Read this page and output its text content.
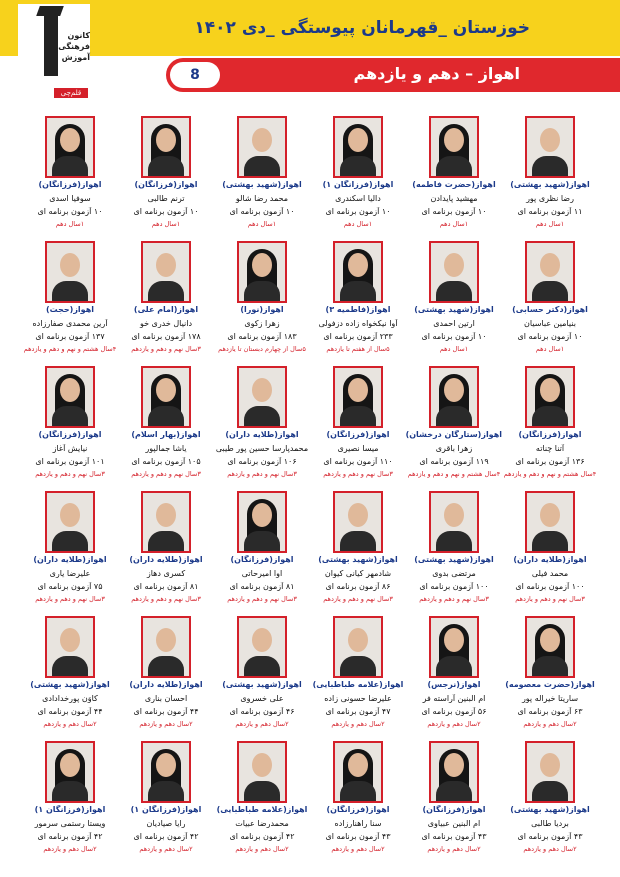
خوزستان _قهرمانان پیوستگی _دی ۱۴۰۲
کانون
فرهنگی
آموزش
قلم‌چی
اهواز – دهم و یازدهم
8
اهواز(شهید بهشتی)
رضا نظری پور
۱۱ آزمون برنامه ای
۱سال دهم
اهواز(حضرت فاطمه)
مهشید پایدادن
۱۰ آزمون برنامه ای
۱سال دهم
اهواز(فرزانگان ۱)
دالیا اسکندری
۱۰ آزمون برنامه ای
۱سال دهم
اهواز(شهید بهشتی)
محمد رضا شالو
۱۰ آزمون برنامه ای
۱سال دهم
اهواز(فرزانگان)
ترنم طالبی
۱۰ آزمون برنامه ای
۱سال دهم
اهواز(فرزانگان)
سوفیا اسدی
۱۰ آزمون برنامه ای
۱سال دهم
اهواز(دکتر حسابی)
بنیامین عباسیان
۱۰ آزمون برنامه ای
۱سال دهم
اهواز(شهید بهشتی)
ارتین احمدی
۱۰ آزمون برنامه ای
۱سال دهم
اهواز(فاطمیه ۳)
آوا نیکخواه زاده دزفولی
۲۳۳ آزمون برنامه ای
۵سال از هفتم تا یازدهم
اهواز(نورا)
زهرا زکوی
۱۸۳ آزمون برنامه ای
۵سال از چهارم دبستان تا یازدهم
اهواز(امام علی)
دانیال خدری خو
۱۷۸ آزمون برنامه ای
۳سال نهم و دهم و یازدهم
اهواز(حجت)
آرین محمدی صفارزاده
۱۳۷ آزمون برنامه ای
۴سال هشتم و نهم و دهم و یازدهم
اهواز(فرزانگان)
آتنا چناته
۱۳۶ آزمون برنامه ای
۴سال هشتم و نهم و دهم و یازدهم
اهواز(ستارگان درخشان)
زهرا باقری
۱۱۹ آزمون برنامه ای
۴سال هشتم و نهم و دهم و یازدهم
اهواز(فرزانگان)
میسا نصیری
۱۱۰ آزمون برنامه ای
۳سال نهم و دهم و یازدهم
اهواز(طلایه داران)
محمدپارسا حسین پور طیبی
۱۰۶ آزمون برنامه ای
۳سال نهم و دهم و یازدهم
اهواز(بهار اسلام)
یاشا جمالپور
۱۰۵ آزمون برنامه ای
۳سال نهم و دهم و یازدهم
اهواز(فرزانگان)
نیایش آغاز
۱۰۱ آزمون برنامه ای
۳سال نهم و دهم و یازدهم
اهواز(طلایه داران)
محمد فیلی
۱۰۰ آزمون برنامه ای
۳سال نهم و دهم و یازدهم
اهواز(شهید بهشتی)
مرتضی بدوی
۱۰۰ آزمون برنامه ای
۳سال نهم و دهم و یازدهم
اهواز(شهید بهشتی)
شادمهر کیانی کیوان
۸۶ آزمون برنامه ای
۳سال نهم و دهم و یازدهم
اهواز(فرزانگان)
اوا امیرحاتی
۸۱ آزمون برنامه ای
۳سال نهم و دهم و یازدهم
اهواز(طلایه داران)
کسری دهاز
۸۱ آزمون برنامه ای
۳سال نهم و دهم و یازدهم
اهواز(طلایه داران)
علیرضا یاری
۷۵ آزمون برنامه ای
۳سال نهم و دهم و یازدهم
اهواز(حضرت معصومه)
ساریتا خیراله پور
۶۳ آزمون برنامه ای
۲سال دهم و یازدهم
اهواز(نرجس)
ام البنین آراسته فر
۵۶ آزمون برنامه ای
۲سال دهم و یازدهم
اهواز(علامه طباطبایی)
علیرضا حسونی زاده
۴۷ آزمون برنامه ای
۲سال دهم و یازدهم
اهواز(شهید بهشتی)
علی خسروی
۴۶ آزمون برنامه ای
۲سال دهم و یازدهم
اهواز(طلایه داران)
احسان بناری
۴۴ آزمون برنامه ای
۲سال دهم و یازدهم
اهواز(شهید بهشتی)
کاوَن پورخدادادی
۴۴ آزمون برنامه ای
۲سال دهم و یازدهم
اهواز(شهید بهشتی)
بردیا طالبی
۴۳ آزمون برنامه ای
۲سال دهم و یازدهم
اهواز(فرزانگان)
ام البنین عبیاوی
۴۳ آزمون برنامه ای
۲سال دهم و یازدهم
اهواز(فرزانگان)
سنا راهنارزاده
۴۳ آزمون برنامه ای
۲سال دهم و یازدهم
اهواز(علامه طباطبایی)
محمدرضا عبیات
۴۲ آزمون برنامه ای
۲سال دهم و یازدهم
اهواز(فرزانگان ۱)
رایا صیادیان
۴۲ آزمون برنامه ای
۲سال دهم و یازدهم
اهواز(فرزانگان ۱)
ویستا رستمی سرمور
۴۲ آزمون برنامه ای
۲سال دهم و یازدهم
